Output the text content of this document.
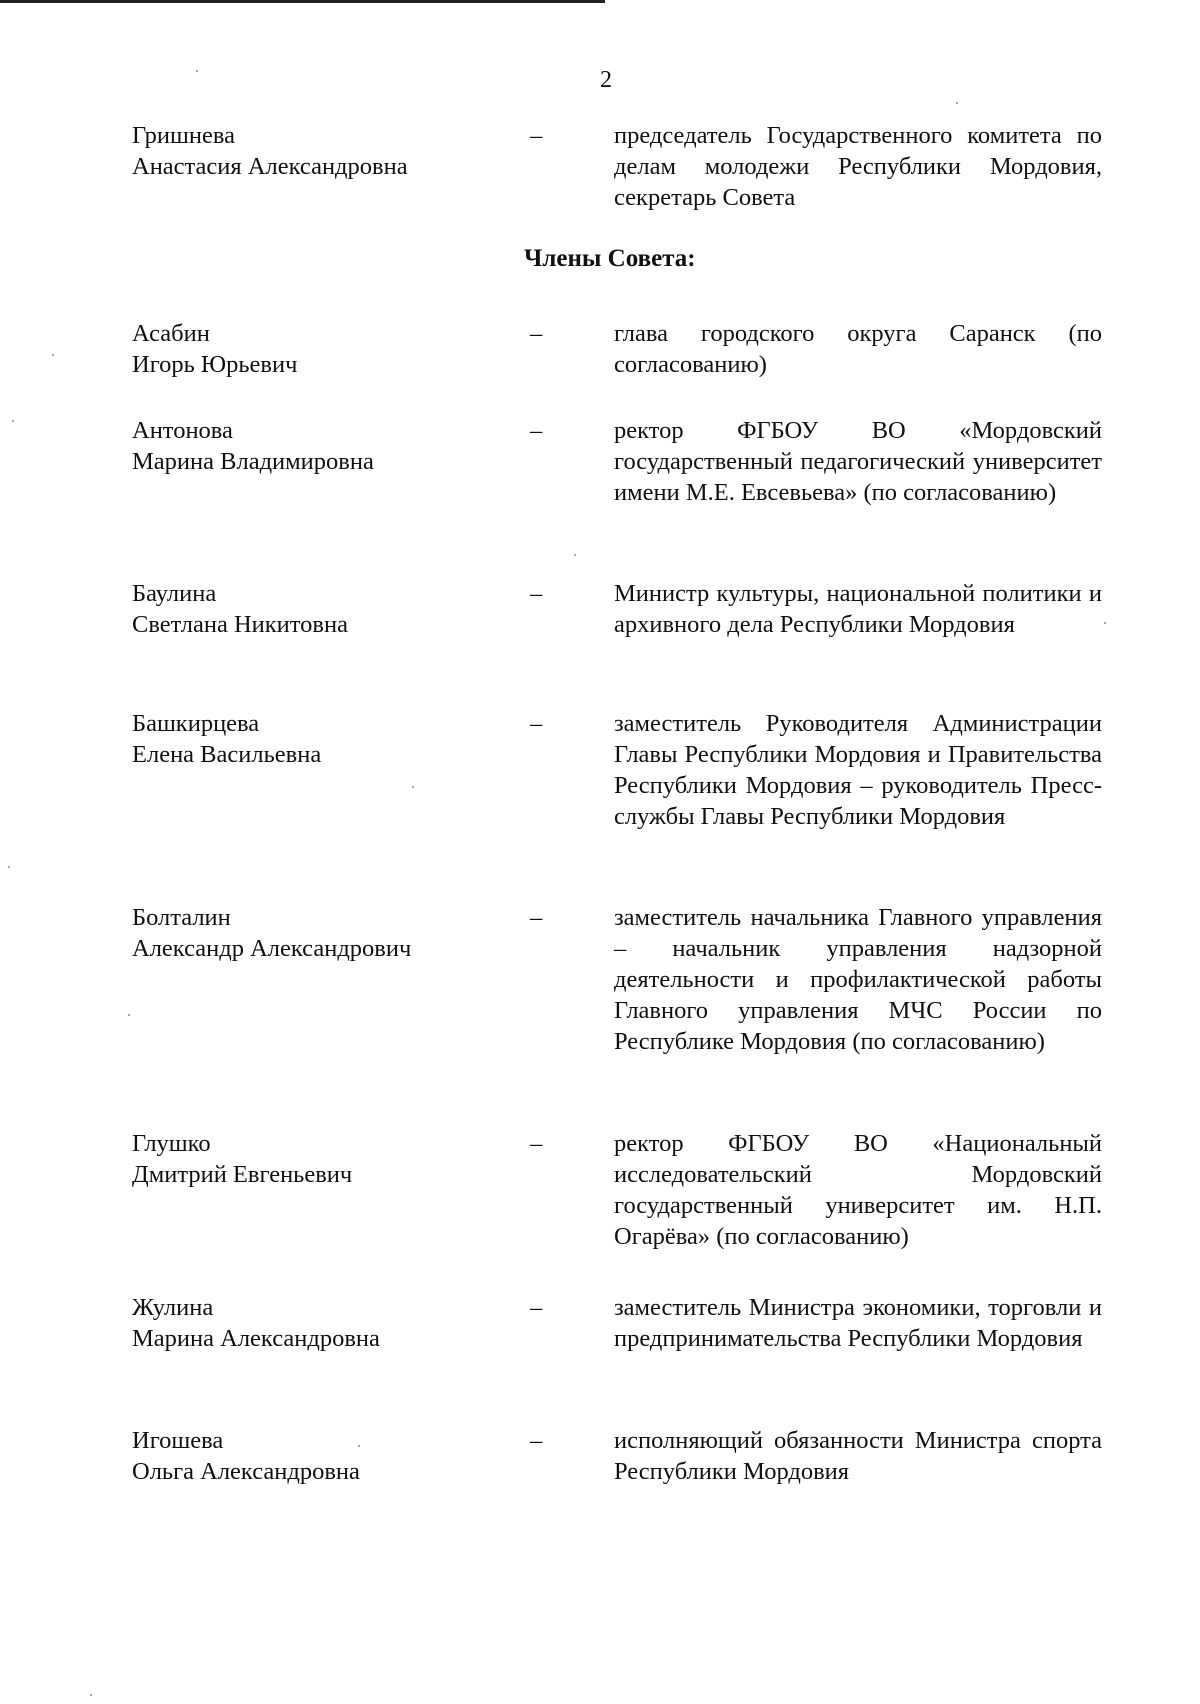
2
Гришнева
Анастасия Александровна
–	председатель Государственного комитета по делам молодежи Республики Мордовия, секретарь Совета
Члены Совета:
Асабин
Игорь Юрьевич
–	глава городского округа Саранск (по согласованию)
Антонова
Марина Владимировна
–	ректор ФГБОУ ВО «Мордовский государственный педагогический университет имени М.Е. Евсевьева» (по согласованию)
Баулина
Светлана Никитовна
–	Министр культуры, национальной политики и архивного дела Республики Мордовия
Башкирцева
Елена Васильевна
–	заместитель Руководителя Администрации Главы Республики Мордовия и Правительства Республики Мордовия – руководитель Пресс-службы Главы Республики Мордовия
Болталин
Александр Александрович
–	заместитель начальника Главного управления – начальник управления надзорной деятельности и профилактической работы Главного управления МЧС России по Республике Мордовия (по согласованию)
Глушко
Дмитрий Евгеньевич
–	ректор ФГБОУ ВО «Национальный исследовательский Мордовский государственный университет им. Н.П. Огарёва» (по согласованию)
Жулина
Марина Александровна
–	заместитель Министра экономики, торговли и предпринимательства Республики Мордовия
Игошева
Ольга Александровна
–	исполняющий обязанности Министра спорта Республики Мордовия
